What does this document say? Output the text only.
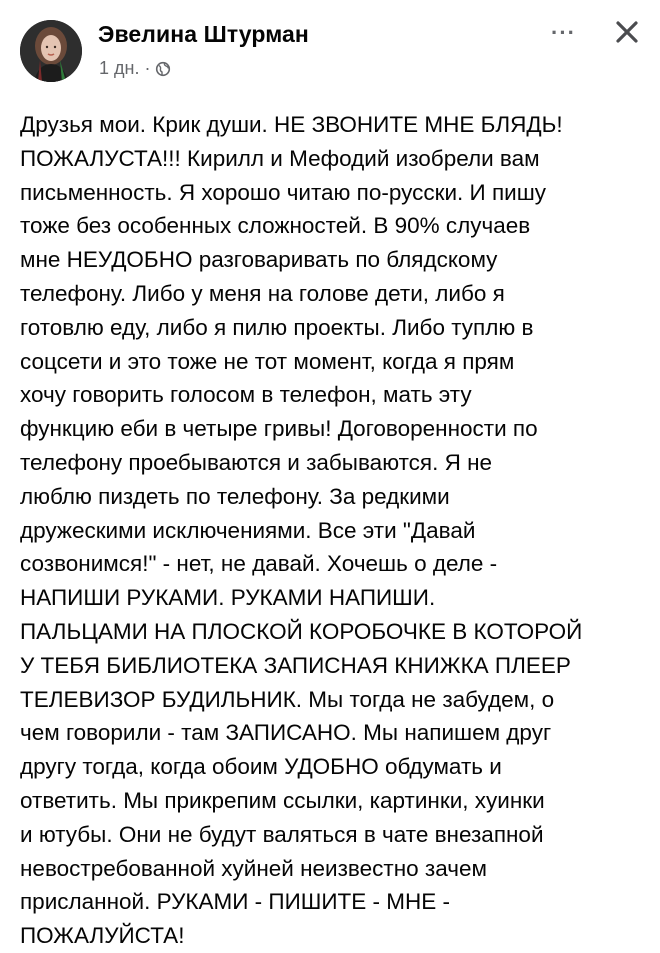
Эвелина Штурман
1 дн. ·
···

Друзья мои. Крик души. НЕ ЗВОНИТЕ МНЕ БЛЯДЬ!
ПОЖАЛУСТА!!! Кирилл и Мефодий изобрели вам
письменность. Я хорошо читаю по-русски. И пишу
тоже без особенных сложностей. В 90% случаев
мне НЕУДОБНО разговаривать по блядскому
телефону. Либо у меня на голове дети, либо я
готовлю еду, либо я пилю проекты. Либо туплю в
соцсети и это тоже не тот момент, когда я прям
хочу говорить голосом в телефон, мать эту
функцию еби в четыре гривы! Договоренности по
телефону проебываются и забываются. Я не
люблю пиздеть по телефону. За редкими
дружескими исключениями. Все эти "Давай
созвонимся!" - нет, не давай. Хочешь о деле -
НАПИШИ РУКАМИ. РУКАМИ НАПИШИ.
ПАЛЬЦАМИ НА ПЛОСКОЙ КОРОБОЧКЕ В КОТОРОЙ
У ТЕБЯ БИБЛИОТЕКА ЗАПИСНАЯ КНИЖКА ПЛЕЕР
ТЕЛЕВИЗОР БУДИЛЬНИК. Мы тогда не забудем, о
чем говорили - там ЗАПИСАНО. Мы напишем друг
другу тогда, когда обоим УДОБНО обдумать и
ответить. Мы прикрепим ссылки, картинки, хуинки
и ютубы. Они не будут валяться в чате внезапной
невостребованной хуйней неизвестно зачем
присланной. РУКАМИ - ПИШИТЕ - МНЕ -
ПОЖАЛУЙСТА!
